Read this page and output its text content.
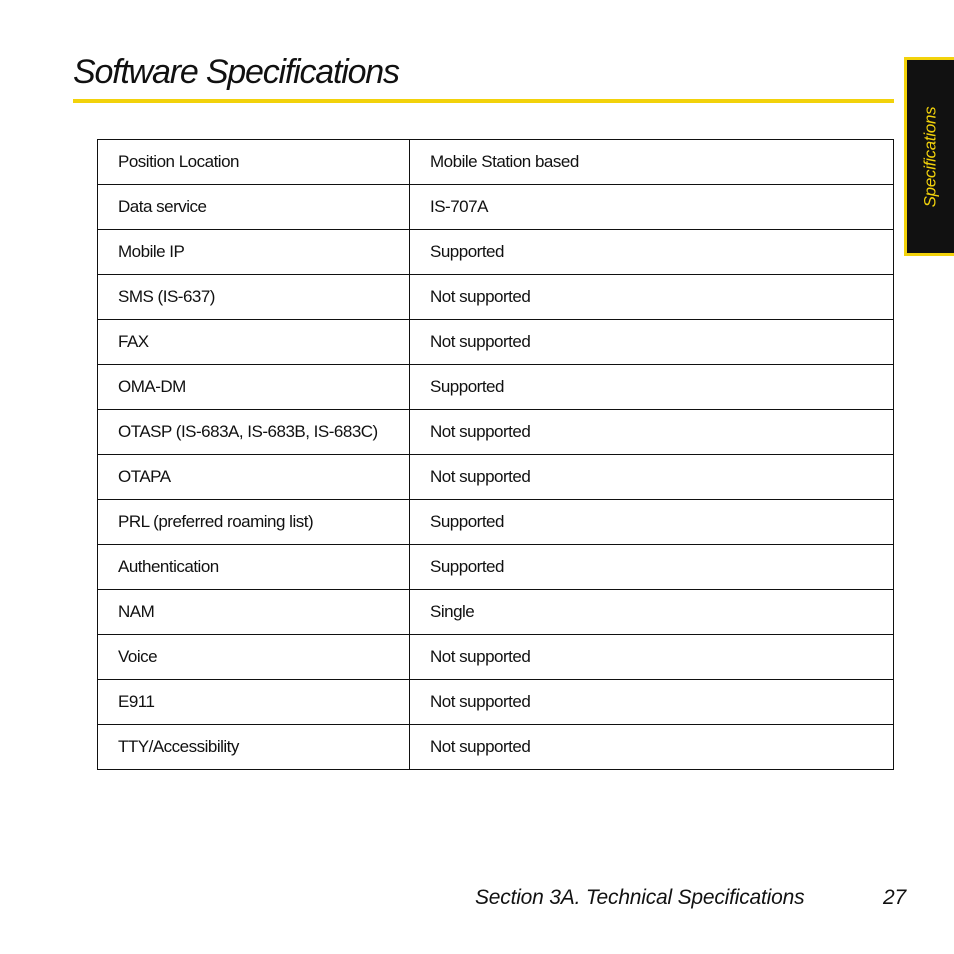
Software Specifications
Specifications
Position Location	Mobile Station based
Data service	IS-707A
Mobile IP	Supported
SMS (IS-637)	Not supported
FAX	Not supported
OMA-DM	Supported
OTASP (IS-683A, IS-683B, IS-683C)	Not supported
OTAPA	Not supported
PRL (preferred roaming list)	Supported
Authentication	Supported
NAM	Single
Voice	Not supported
E911	Not supported
TTY/Accessibility	Not supported
Section 3A. Technical Specifications	27
